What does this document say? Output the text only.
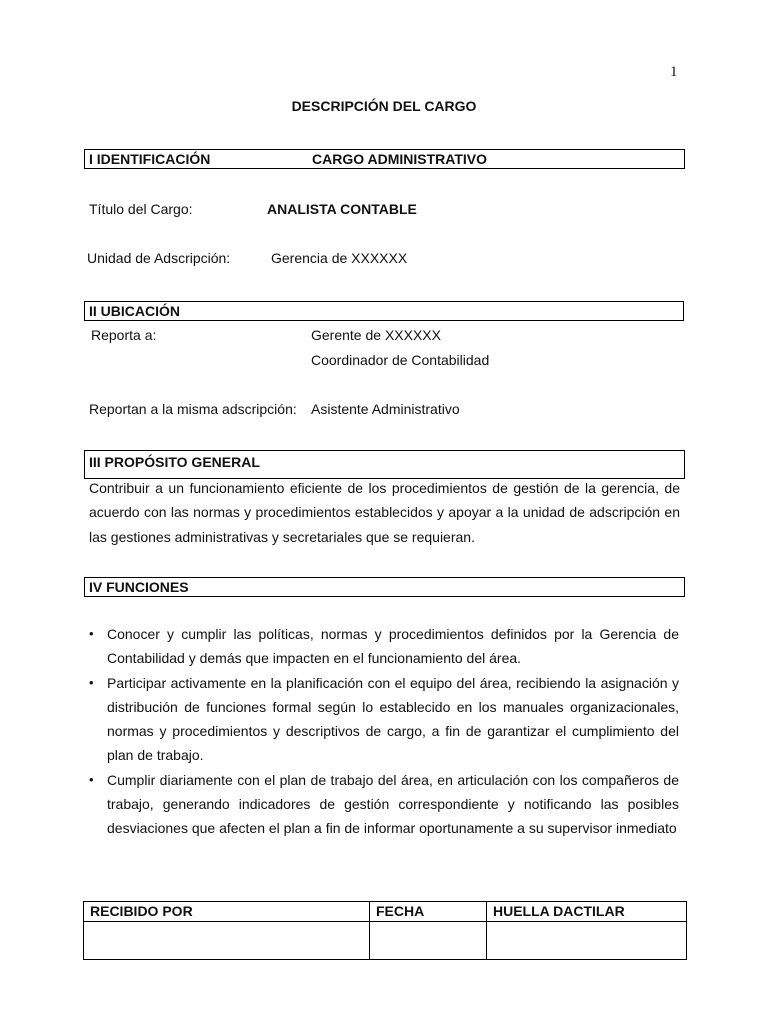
1
DESCRIPCIÓN DEL CARGO
I IDENTIFICACIÓN	CARGO ADMINISTRATIVO
Título del Cargo:	ANALISTA CONTABLE
Unidad de Adscripción:	Gerencia de XXXXXX
II UBICACIÓN
Reporta a:	Gerente de XXXXXX
Coordinador de Contabilidad
Reportan a la misma adscripción: Asistente Administrativo
III PROPÓSITO GENERAL
Contribuir a un funcionamiento eficiente de los procedimientos de gestión de la gerencia, de acuerdo con las normas y procedimientos establecidos y apoyar a la unidad de adscripción en las gestiones administrativas y secretariales que se requieran.
IV FUNCIONES
• Conocer y cumplir las políticas, normas y procedimientos definidos por la Gerencia de Contabilidad y demás que impacten en el funcionamiento del área.
• Participar activamente en la planificación con el equipo del área, recibiendo la asignación y distribución de funciones formal según lo establecido en los manuales organizacionales, normas y procedimientos y descriptivos de cargo, a fin de garantizar el cumplimiento del plan de trabajo.
• Cumplir diariamente con el plan de trabajo del área, en articulación con los compañeros de trabajo, generando indicadores de gestión correspondiente y notificando las posibles desviaciones que afecten el plan a fin de informar oportunamente a su supervisor inmediato
RECIBIDO POR	FECHA	HUELLA DACTILAR
